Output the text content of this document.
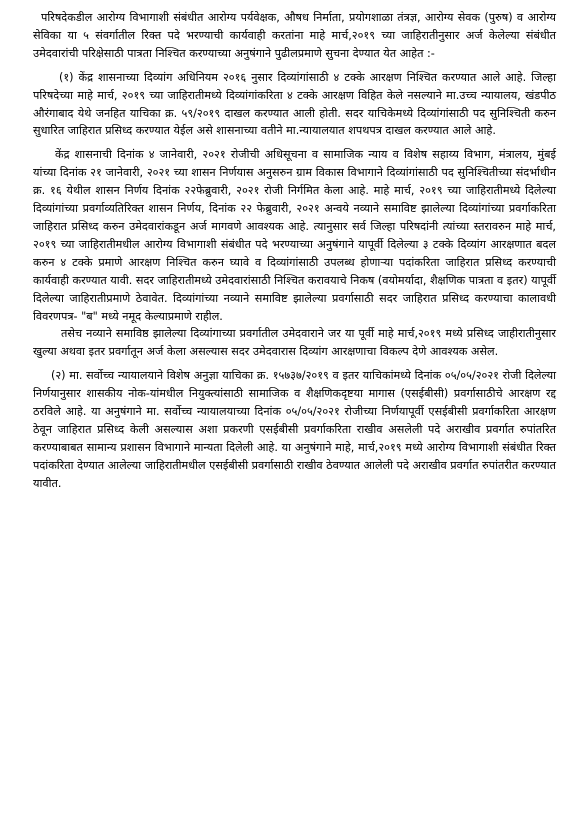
परिषदेकडील आरोग्य विभागाशी संबंधीत आरोग्य पर्यवेक्षक, औषध निर्माता, प्रयोगशाळा तंत्रज्ञ, आरोग्य सेवक (पुरुष) व आरोग्य सेविका या ५ संवर्गातील रिक्त पदे भरण्याची कार्यवाही करतांना माहे मार्च,२०१९ च्या जाहिरातीनुसार अर्ज केलेल्या संबंधीत उमेदवारांची परिक्षेसाठी पात्रता निश्चित करण्याच्या अनुषंगाने पुढीलप्रमाणे सुचना देण्यात येत आहेत :-

(१) केंद्र शासनाच्या दिव्यांग अधिनियम २०१६ नुसार दिव्यांगांसाठी ४ टक्के आरक्षण निश्चित करण्यात आले आहे. जिल्हा परिषदेच्या माहे मार्च, २०१९ च्या जाहिरातीमध्ये दिव्यांगांकरिता ४ टक्के आरक्षण विहित केले नसल्याने मा.उच्च न्यायालय, खंडपीठ औरंगाबाद येथे जनहित याचिका क्र. ५९/२०१९ दाखल करण्यात आली होती. सदर याचिकेमध्ये दिव्यांगांसाठी पद सुनिश्चिती करुन सुधारित जाहिरात प्रसिध्द करण्यात येईल असे शासनाच्या वतीने मा.न्यायालयात शपथपत्र दाखल करण्यात आले आहे.

केंद्र शासनाची दिनांक ४ जानेवारी, २०२१ रोजीची अधिसूचना व सामाजिक न्याय व विशेष सहाय्य विभाग, मंत्रालय, मुंबई यांच्या दिनांक २१ जानेवारी, २०२१ च्या शासन निर्णयास अनुसरुन ग्राम विकास विभागाने दिव्यांगांसाठी पद सुनिश्चितीच्या संदर्भाधीन क्र. १६ येथील शासन निर्णय दिनांक २२फेब्रुवारी, २०२१ रोजी निर्गमित केला आहे. माहे मार्च, २०१९ च्या जाहिरातीमध्ये दिलेल्या दिव्यांगांच्या प्रवर्गाव्यतिरिक्त शासन निर्णय, दिनांक २२ फेब्रुवारी, २०२१ अन्वये नव्याने समाविष्ट झालेल्या दिव्यांगांच्या प्रवर्गाकरिता जाहिरात प्रसिध्द करुन उमेदवारांकडून अर्ज मागवणे आवश्यक आहे. त्यानुसार सर्व जिल्हा परिषदांनी त्यांच्या स्तरावरुन माहे मार्च, २०१९ च्या जाहिरातीमधील आरोग्य विभागाशी संबंधीत पदे भरण्याच्या अनुषंगाने यापूर्वी दिलेल्या ३ टक्के दिव्यांग आरक्षणात बदल करुन ४ टक्के प्रमाणे आरक्षण निश्चित करुन घ्यावे व दिव्यांगांसाठी उपलब्ध होणाऱ्या पदांकरिता जाहिरात प्रसिध्द करण्याची कार्यवाही करण्यात यावी. सदर जाहिरातीमध्ये उमेदवारांसाठी निश्चित करावयाचे निकष (वयोमर्यादा, शैक्षणिक पात्रता व इतर) यापूर्वी दिलेल्या जाहिरातीप्रमाणे ठेवावेत. दिव्यांगांच्या नव्याने समाविष्ट झालेल्या प्रवर्गासाठी सदर जाहिरात प्रसिध्द करण्याचा कालावधी विवरणपत्र- "ब" मध्ये नमूद केल्याप्रमाणे राहील.

तसेच नव्याने समाविष्ठ झालेल्या दिव्यांगाच्या प्रवर्गातील उमेदवाराने जर या पूर्वी माहे मार्च,२०१९ मध्ये प्रसिध्द जाहीरातीनुसार खुल्या अथवा इतर प्रवर्गातून अर्ज केला असल्यास सदर उमेदवारास दिव्यांग आरक्षणाचा विकल्प देणे आवश्यक असेल.

(२) मा. सर्वोच्च न्यायालयाने विशेष अनुज्ञा याचिका क्र. १५७३७/२०१९ व इतर याचिकांमध्ये दिनांक ०५/०५/२०२१ रोजी दिलेल्या निर्णयानुसार शासकीय नोक-यांमधील नियुक्त्यांसाठी सामाजिक व शैक्षणिकदृष्टया मागास (एसईबीसी) प्रवर्गासाठीचे आरक्षण रद्द ठरविले आहे. या अनुषंगाने मा. सर्वोच्च न्यायालयाच्या दिनांक ०५/०५/२०२१ रोजीच्या निर्णयापूर्वी एसईबीसी प्रवर्गाकरिता आरक्षण ठेवून जाहिरात प्रसिध्द केली असल्यास अशा प्रकरणी एसईबीसी प्रवर्गाकरिता राखीव असलेली पदे अराखीव प्रवर्गात रुपांतरित करण्याबाबत सामान्य प्रशासन विभागाने मान्यता दिलेली आहे. या अनुषंगाने माहे, मार्च,२०१९ मध्ये आरोग्य विभागाशी संबंधीत रिक्त पदांकरिता देण्यात आलेल्या जाहिरातीमधील एसईबीसी प्रवर्गासाठी राखीव ठेवण्यात आलेली पदे अराखीव प्रवर्गात रुपांतरीत करण्यात यावीत.
